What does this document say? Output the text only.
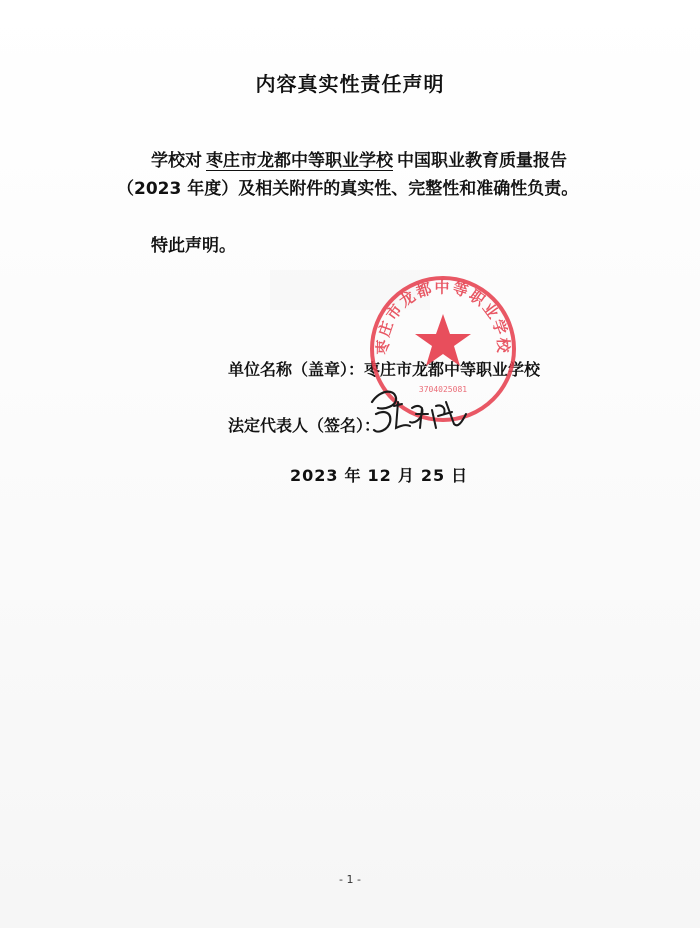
内容真实性责任声明
学校对 枣庄市龙都中等职业学校 中国职业教育质量报告（2023 年度）及相关附件的真实性、完整性和准确性负责。
特此声明。
单位名称（盖章）：枣庄市龙都中等职业学校
法定代表人（签名）：
2023 年 12 月 25 日
枣庄市龙都中等职业学校
3704025081
- 1 -
